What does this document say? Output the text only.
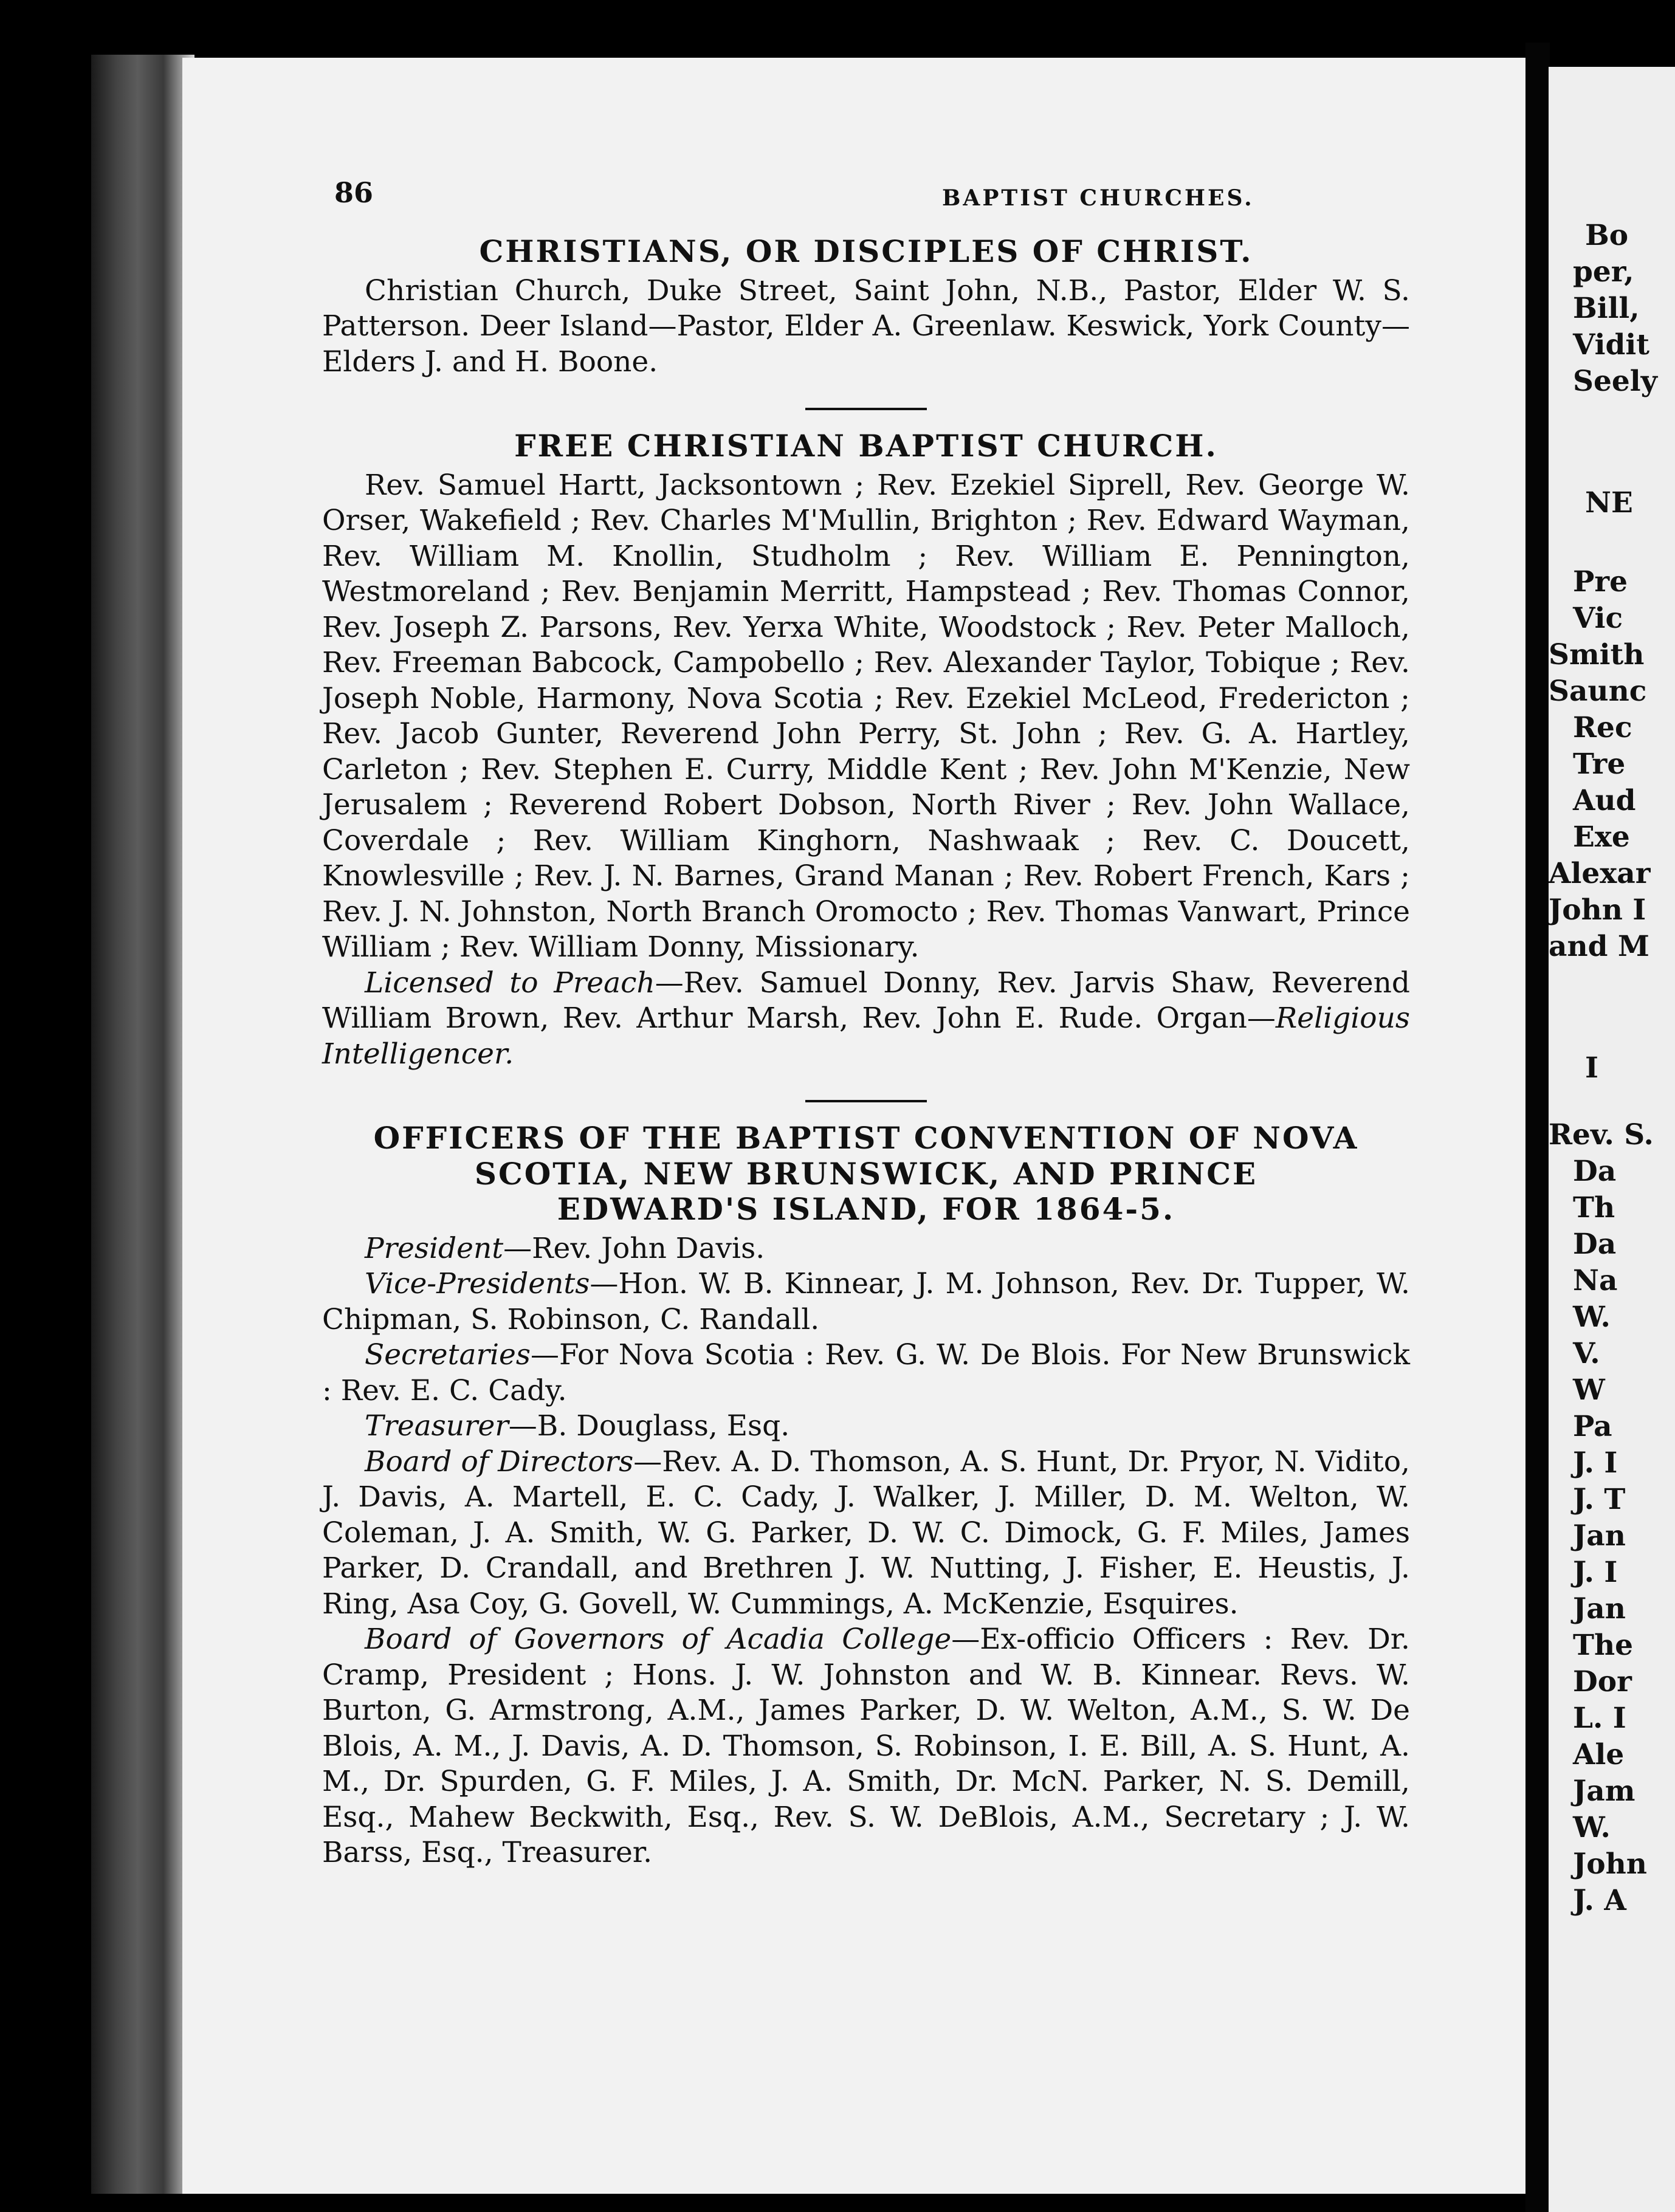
86	BAPTIST CHURCHES.

CHRISTIANS, OR DISCIPLES OF CHRIST.

Christian Church, Duke Street, Saint John, N.B., Pastor, Elder W. S. Patterson. Deer Island—Pastor, Elder A. Greenlaw. Keswick, York County—Elders J. and H. Boone.

FREE CHRISTIAN BAPTIST CHURCH.

Rev. Samuel Hartt, Jacksontown ; Rev. Ezekiel Siprell, Rev. George W. Orser, Wakefield ; Rev. Charles M'Mullin, Brighton ; Rev. Edward Wayman, Rev. William M. Knollin, Studholm ; Rev. William E. Pennington, Westmoreland ; Rev. Benjamin Merritt, Hampstead ; Rev. Thomas Connor, Rev. Joseph Z. Parsons, Rev. Yerxa White, Woodstock ; Rev. Peter Malloch, Rev. Freeman Babcock, Campobello ; Rev. Alexander Taylor, Tobique ; Rev. Joseph Noble, Harmony, Nova Scotia ; Rev. Ezekiel McLeod, Fredericton ; Rev. Jacob Gunter, Reverend John Perry, St. John ; Rev. G. A. Hartley, Carleton ; Rev. Stephen E. Curry, Middle Kent ; Rev. John M'Kenzie, New Jerusalem ; Reverend Robert Dobson, North River ; Rev. John Wallace, Coverdale ; Rev. William Kinghorn, Nashwaak ; Rev. C. Doucett, Knowlesville ; Rev. J. N. Barnes, Grand Manan ; Rev. Robert French, Kars ; Rev. J. N. Johnston, North Branch Oromocto ; Rev. Thomas Vanwart, Prince William ; Rev. William Donny, Missionary.

Licensed to Preach—Rev. Samuel Donny, Rev. Jarvis Shaw, Reverend William Brown, Rev. Arthur Marsh, Rev. John E. Rude. Organ—Religious Intelligencer.

OFFICERS OF THE BAPTIST CONVENTION OF NOVA

SCOTIA, NEW BRUNSWICK, AND PRINCE

EDWARD'S ISLAND, FOR 1864-5.

President—Rev. John Davis.

Vice-Presidents—Hon. W. B. Kinnear, J. M. Johnson, Rev. Dr. Tupper, W. Chipman, S. Robinson, C. Randall.

Secretaries—For Nova Scotia : Rev. G. W. De Blois. For New Brunswick : Rev. E. C. Cady.

Treasurer—B. Douglass, Esq.

Board of Directors—Rev. A. D. Thomson, A. S. Hunt, Dr. Pryor, N. Vidito, J. Davis, A. Martell, E. C. Cady, J. Walker, J. Miller, D. M. Welton, W. Coleman, J. A. Smith, W. G. Parker, D. W. C. Dimock, G. F. Miles, James Parker, D. Crandall, and Brethren J. W. Nutting, J. Fisher, E. Heustis, J. Ring, Asa Coy, G. Govell, W. Cummings, A. McKenzie, Esquires.

Board of Governors of Acadia College—Ex-officio Officers : Rev. Dr. Cramp, President ; Hons. J. W. Johnston and W. B. Kinnear. Revs. W. Burton, G. Armstrong, A.M., James Parker, D. W. Welton, A.M., S. W. De Blois, A. M., J. Davis, A. D. Thomson, S. Robinson, I. E. Bill, A. S. Hunt, A. M., Dr. Spurden, G. F. Miles, J. A. Smith, Dr. McN. Parker, N. S. Demill, Esq., Mahew Beckwith, Esq., Rev. S. W. DeBlois, A.M., Secretary ; J. W. Barss, Esq., Treasurer.

Bo
per,
Bill,
Vidit
Seely
NE
Pre
Vic
Smith
Saunc
Rec
Tre
Aud
Exe
Alexar
John I
and M
I
Rev. S.
Da
Th
Da
Na
W.
V.
W
Pa
J. I
J. T
Jan
J. I
Jan
The
Dor
L. I
Ale
Jam
W.
John
J. A
